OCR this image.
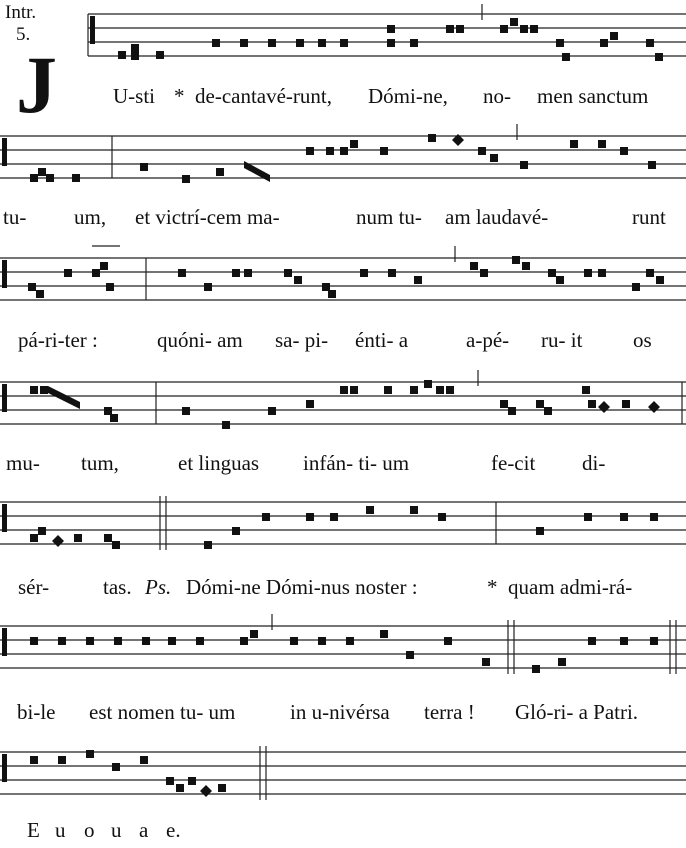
Intr.
5.
J	U-sti * de-cantavé-runt, Dómi-ne, no- men sanctum
tu- um, et victrí-cem ma-	num tu- am laudavé-	runt
pá-ri-ter :	quóni- am sa- pi- énti- a	a-pé- ru- it os
mu- tum,	et linguas infán- ti- um	fe-cit di-
sér-	tas. Ps. Dómi-ne Dómi-nus noster :	* quam admi-rá-
bi-le est nomen tu- um	in u-nivérsa terra ! Gló-ri- a Patri.
E u o u a e.
